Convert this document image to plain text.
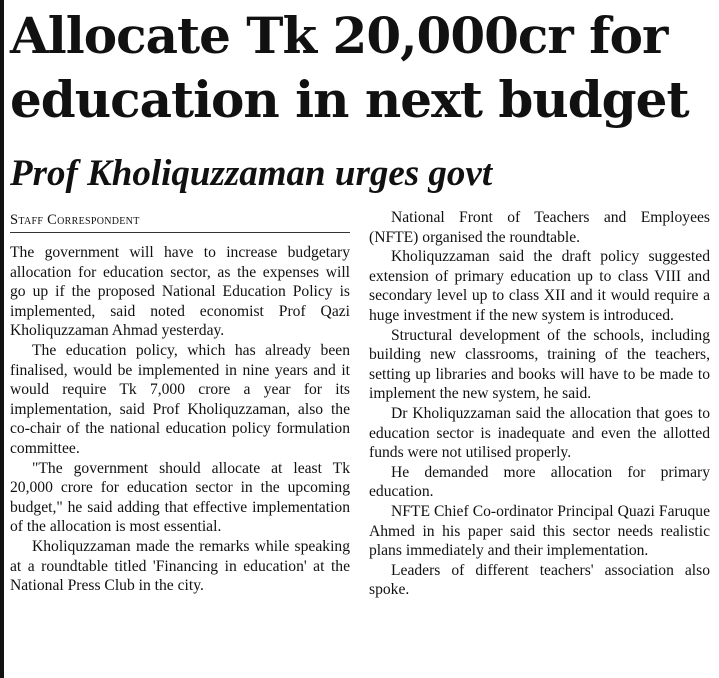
Allocate Tk 20,000cr for
education in next budget
Prof Kholiquzzaman urges govt
Staff Correspondent

The government will have to increase budgetary allocation for education sector, as the expenses will go up if the proposed National Education Policy is implemented, said noted economist Prof Qazi Kholiquzzaman Ahmad yesterday.

The education policy, which has already been finalised, would be implemented in nine years and it would require Tk 7,000 crore a year for its implementation, said Prof Kholiquzzaman, also the co-chair of the national education policy formulation committee.

"The government should allocate at least Tk 20,000 crore for education sector in the upcoming budget," he said adding that effective implementation of the allocation is most essential.

Kholiquzzaman made the remarks while speaking at a roundtable titled 'Financing in education' at the National Press Club in the city.

National Front of Teachers and Employees (NFTE) organised the roundtable.

Kholiquzzaman said the draft policy suggested extension of primary education up to class VIII and secondary level up to class XII and it would require a huge investment if the new system is introduced.

Structural development of the schools, including building new classrooms, training of the teachers, setting up libraries and books will have to be made to implement the new system, he said.

Dr Kholiquzzaman said the allocation that goes to education sector is inadequate and even the allotted funds were not utilised properly.

He demanded more allocation for primary education.

NFTE Chief Co-ordinator Principal Quazi Faruque Ahmed in his paper said this sector needs realistic plans immediately and their implementation.

Leaders of different teachers' association also spoke.
